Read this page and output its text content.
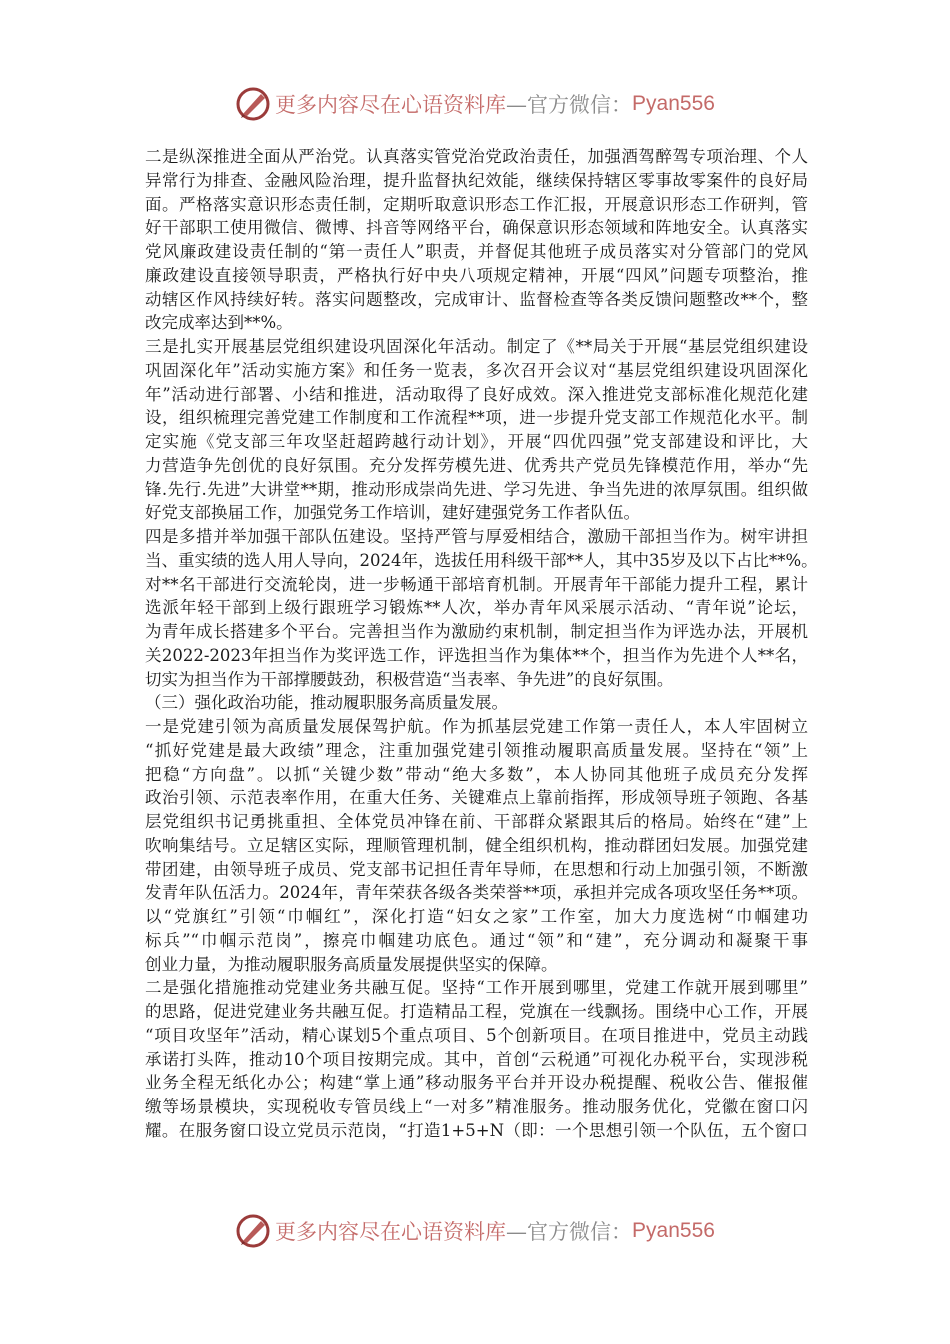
更多内容尽在心语资料库 —官方微信： Pyan556
二是纵深推进全面从严治党。认真落实管党治党政治责任，加强酒驾醉驾专项治理、个人
异常行为排查、金融风险治理，提升监督执纪效能，继续保持辖区零事故零案件的良好局
面。严格落实意识形态责任制，定期听取意识形态工作汇报，开展意识形态工作研判，管
好干部职工使用微信、微博、抖音等网络平台，确保意识形态领域和阵地安全。认真落实
党风廉政建设责任制的“第一责任人”职责，并督促其他班子成员落实对分管部门的党风
廉政建设直接领导职责，严格执行好中央八项规定精神，开展“四风”问题专项整治，推
动辖区作风持续好转。落实问题整改，完成审计、监督检查等各类反馈问题整改**个，整
改完成率达到**%。
三是扎实开展基层党组织建设巩固深化年活动。制定了《**局关于开展“基层党组织建设
巩固深化年”活动实施方案》和任务一览表，多次召开会议对“基层党组织建设巩固深化
年”活动进行部署、小结和推进，活动取得了良好成效。深入推进党支部标准化规范化建
设，组织梳理完善党建工作制度和工作流程**项，进一步提升党支部工作规范化水平。制
定实施《党支部三年攻坚赶超跨越行动计划》，开展“四优四强”党支部建设和评比，大
力营造争先创优的良好氛围。充分发挥劳模先进、优秀共产党员先锋模范作用，举办“先
锋.先行.先进”大讲堂**期，推动形成崇尚先进、学习先进、争当先进的浓厚氛围。组织做
好党支部换届工作，加强党务工作培训，建好建强党务工作者队伍。
四是多措并举加强干部队伍建设。坚持严管与厚爱相结合，激励干部担当作为。树牢讲担
当、重实绩的选人用人导向，2024年，选拔任用科级干部**人，其中35岁及以下占比**%。
对**名干部进行交流轮岗，进一步畅通干部培育机制。开展青年干部能力提升工程，累计
选派年轻干部到上级行跟班学习锻炼**人次，举办青年风采展示活动、“青年说”论坛，
为青年成长搭建多个平台。完善担当作为激励约束机制，制定担当作为评选办法，开展机
关2022-2023年担当作为奖评选工作，评选担当作为集体**个，担当作为先进个人**名，
切实为担当作为干部撑腰鼓劲，积极营造“当表率、争先进”的良好氛围。
（三）强化政治功能，推动履职服务高质量发展。
一是党建引领为高质量发展保驾护航。作为抓基层党建工作第一责任人，本人牢固树立
“抓好党建是最大政绩”理念，注重加强党建引领推动履职高质量发展。坚持在“领”上
把稳“方向盘”。以抓“关键少数”带动“绝大多数”，本人协同其他班子成员充分发挥
政治引领、示范表率作用，在重大任务、关键难点上靠前指挥，形成领导班子领跑、各基
层党组织书记勇挑重担、全体党员冲锋在前、干部群众紧跟其后的格局。始终在“建”上
吹响集结号。立足辖区实际，理顺管理机制，健全组织机构，推动群团妇发展。加强党建
带团建，由领导班子成员、党支部书记担任青年导师，在思想和行动上加强引领，不断激
发青年队伍活力。2024年，青年荣获各级各类荣誉**项，承担并完成各项攻坚任务**项。
以“党旗红”引领“巾帼红”，深化打造“妇女之家”工作室，加大力度选树“巾帼建功
标兵”“巾帼示范岗”，擦亮巾帼建功底色。通过“领”和“建”，充分调动和凝聚干事
创业力量，为推动履职服务高质量发展提供坚实的保障。
二是强化措施推动党建业务共融互促。坚持“工作开展到哪里，党建工作就开展到哪里”
的思路，促进党建业务共融互促。打造精品工程，党旗在一线飘扬。围绕中心工作，开展
“项目攻坚年”活动，精心谋划5个重点项目、5个创新项目。在项目推进中，党员主动践
承诺打头阵，推动10个项目按期完成。其中，首创“云税通”可视化办税平台，实现涉税
业务全程无纸化办公；构建“掌上通”移动服务平台并开设办税提醒、税收公告、催报催
缴等场景模块，实现税收专管员线上“一对多”精准服务。推动服务优化，党徽在窗口闪
耀。在服务窗口设立党员示范岗，“打造1+5+N（即：一个思想引领一个队伍，五个窗口
更多内容尽在心语资料库 —官方微信： Pyan556
